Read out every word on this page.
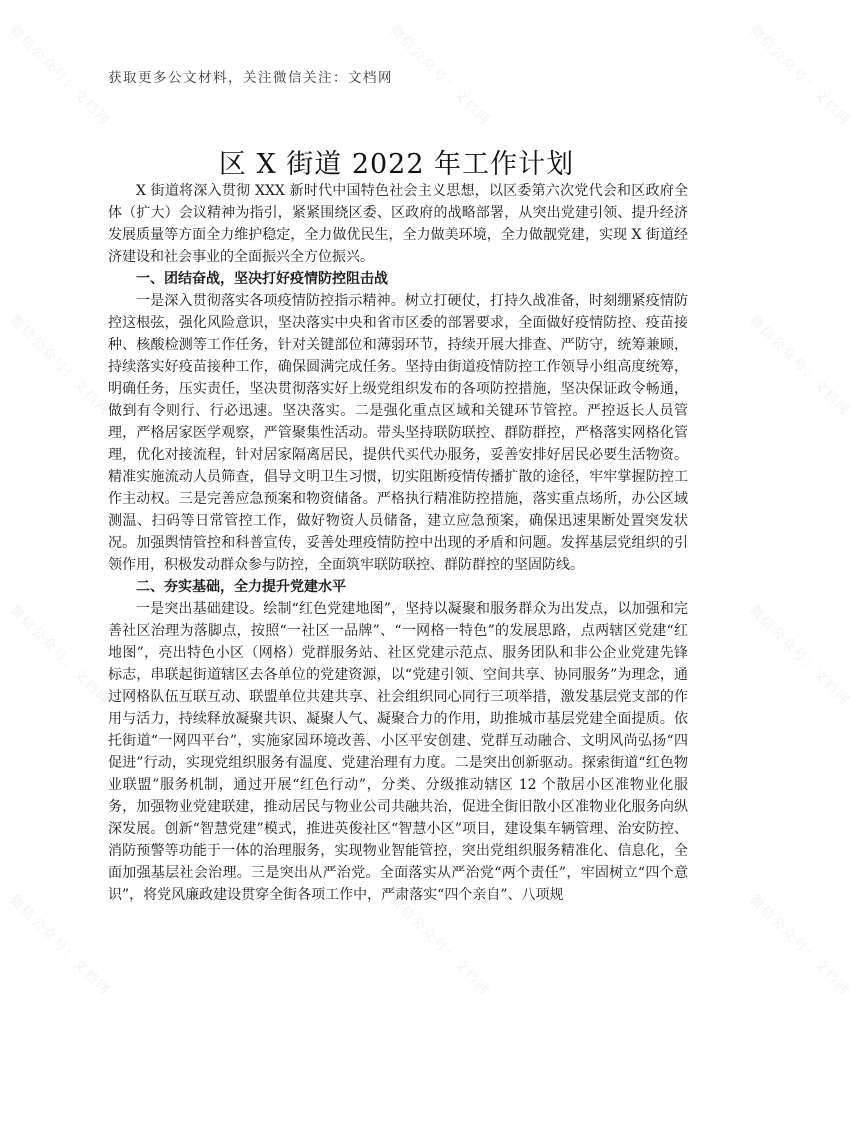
微信公众号：文档网
微信公众号：文档网
微信公众号：文档网
微信公众号：文档网
微信公众号：文档网
微信公众号：文档网
微信公众号：文档网
微信公众号：文档网
微信公众号：文档网
微信公众号：文档网
微信公众号：文档网
微信公众号：文档网
获取更多公文材料，关注微信关注：文档网
区 X 街道 2022 年工作计划

X 街道将深入贯彻 XXX 新时代中国特色社会主义思想，以区委第六次党代会和区政府全体（扩大）会议精神为指引，紧紧围绕区委、区政府的战略部署，从突出党建引领、提升经济发展质量等方面全力维护稳定，全力做优民生，全力做美环境，全力做靓党建，实现 X 街道经济建设和社会事业的全面振兴全方位振兴。

一、团结奋战，坚决打好疫情防控阻击战

一是深入贯彻落实各项疫情防控指示精神。树立打硬仗，打持久战准备，时刻绷紧疫情防控这根弦，强化风险意识，坚决落实中央和省市区委的部署要求，全面做好疫情防控、疫苗接种、核酸检测等工作任务，针对关键部位和薄弱环节，持续开展大排查、严防守，统筹兼顾，持续落实好疫苗接种工作，确保圆满完成任务。坚持由街道疫情防控工作领导小组高度统筹，明确任务，压实责任，坚决贯彻落实好上级党组织发布的各项防控措施，坚决保证政令畅通，做到有令则行、行必迅速。坚决落实。二是强化重点区域和关键环节管控。严控返长人员管理，严格居家医学观察，严管聚集性活动。带头坚持联防联控、群防群控，严格落实网格化管理，优化对接流程，针对居家隔离居民，提供代买代办服务，妥善安排好居民必要生活物资。精准实施流动人员筛查，倡导文明卫生习惯，切实阻断疫情传播扩散的途径，牢牢掌握防控工作主动权。三是完善应急预案和物资储备。严格执行精准防控措施，落实重点场所，办公区域测温、扫码等日常管控工作，做好物资人员储备，建立应急预案，确保迅速果断处置突发状况。加强舆情管控和科普宣传，妥善处理疫情防控中出现的矛盾和问题。发挥基层党组织的引领作用，积极发动群众参与防控，全面筑牢联防联控、群防群控的坚固防线。

二、夯实基础，全力提升党建水平

一是突出基础建设。绘制“红色党建地图”，坚持以凝聚和服务群众为出发点，以加强和完善社区治理为落脚点，按照“一社区一品牌”、“一网格一特色”的发展思路，点两辖区党建“红地图”，亮出特色小区（网格）党群服务站、社区党建示范点、服务团队和非公企业党建先锋标志，串联起街道辖区去各单位的党建资源，以“党建引领、空间共享、协同服务”为理念，通过网格队伍互联互动、联盟单位共建共享、社会组织同心同行三项举措，激发基层党支部的作用与活力，持续释放凝聚共识、凝聚人气、凝聚合力的作用，助推城市基层党建全面提质。依托街道“一网四平台”，实施家园环境改善、小区平安创建、党群互动融合、文明风尚弘扬“四促进”行动，实现党组织服务有温度、党建治理有力度。二是突出创新驱动。探索街道“红色物业联盟”服务机制，通过开展“红色行动”，分类、分级推动辖区 12 个散居小区准物业化服务，加强物业党建联建，推动居民与物业公司共融共治，促进全街旧散小区准物业化服务向纵深发展。创新“智慧党建”模式，推进英俊社区“智慧小区”项目，建设集车辆管理、治安防控、消防预警等功能于一体的治理服务，实现物业智能管控，突出党组织服务精准化、信息化，全面加强基层社会治理。三是突出从严治党。全面落实从严治党“两个责任”，牢固树立“四个意识”，将党风廉政建设贯穿全街各项工作中，严肃落实“四个亲自”、八项规
